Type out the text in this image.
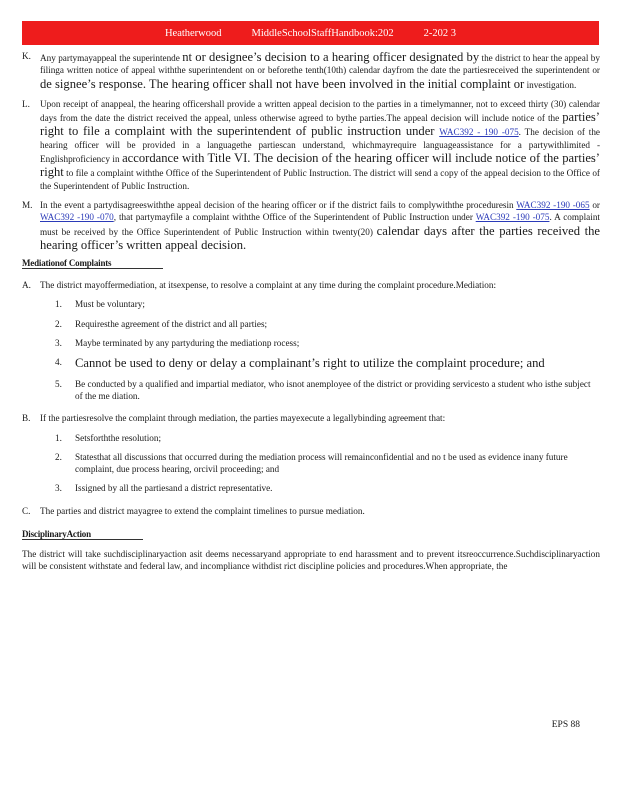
Heatherwood	MiddleSchoolStaffHandbook:202	2-202 3
K. Any partymayappeal the superintende nt or designee’s decision to a hearing officer designated by the district to hear the appeal by filinga written notice of appeal withthe superintendent on or beforethe tenth(10th) calendar dayfrom the date the partiesreceived the superintendent or de signee’s response. The hearing officer shall not have been involved in the initial complaint or investigation.
L. Upon receipt of anappeal, the hearing officershall provide a written appeal decision to the parties in a timelymanner, not to exceed thirty (30) calendar days from the date the district received the appeal, unless otherwise agreed to bythe parties.The appeal decision will include notice of the parties’ right to file a complaint with the superintendent of public instruction under WAC392 - 190 -075. The decision of the hearing officer will be provided in a languagethe partiescan understand, whichmayrequire languageassistance for a partywithlimited -Englishproficiency in accordance with Title VI. The decision of the hearing officer will include notice of the parties’ right to file a complaint withthe Office of the Superintendent of Public Instruction. The district will send a copy of the appeal decision to the Office of the Superintendent of Public Instruction.
M. In the event a partydisagreeswiththe appeal decision of the hearing officer or if the district fails to complywiththe proceduresin WAC392 -190 -065 or WAC392 -190 -070, that partymayfile a complaint withthe Office of the Superintendent of Public Instruction under WAC392 -190 -075. A complaint must be received by the Office Superintendent of Public Instruction within twenty(20) calendar days after the parties received the hearing officer’s written appeal decision.
Mediationof Complaints
A. The district mayoffermediation, at itsexpense, to resolve a complaint at any time during the complaint procedure.Mediation:
1. Must be voluntary;
2. Requiresthe agreement of the district and all parties;
3. Maybe terminated by any partyduring the mediationp rocess;
4. Cannot be used to deny or delay a complainant’s right to utilize the complaint procedure; and
5. Be conducted by a qualified and impartial mediator, who isnot anemployee of the district or providing servicesto a student who isthe subject of the me diation.
B. If the partiesresolve the complaint through mediation, the parties mayexecute a legallybinding agreement that:
1. Setsforththe resolution;
2. Statesthat all discussions that occurred during the mediation process will remainconfidential and no t be used as evidence inany future complaint, due process hearing, orcivil proceeding; and
3. Issigned by all the partiesand a district representative.
C. The parties and district mayagree to extend the complaint timelines to pursue mediation.
DisciplinaryAction
The district will take suchdisciplinaryaction asit deems necessaryand appropriate to end harassment and to prevent itsreoccurrence.Suchdisciplinaryaction will be consistent withstate and federal law, and incompliance withdist rict discipline policies and procedures.When appropriate, the
EPS 88
